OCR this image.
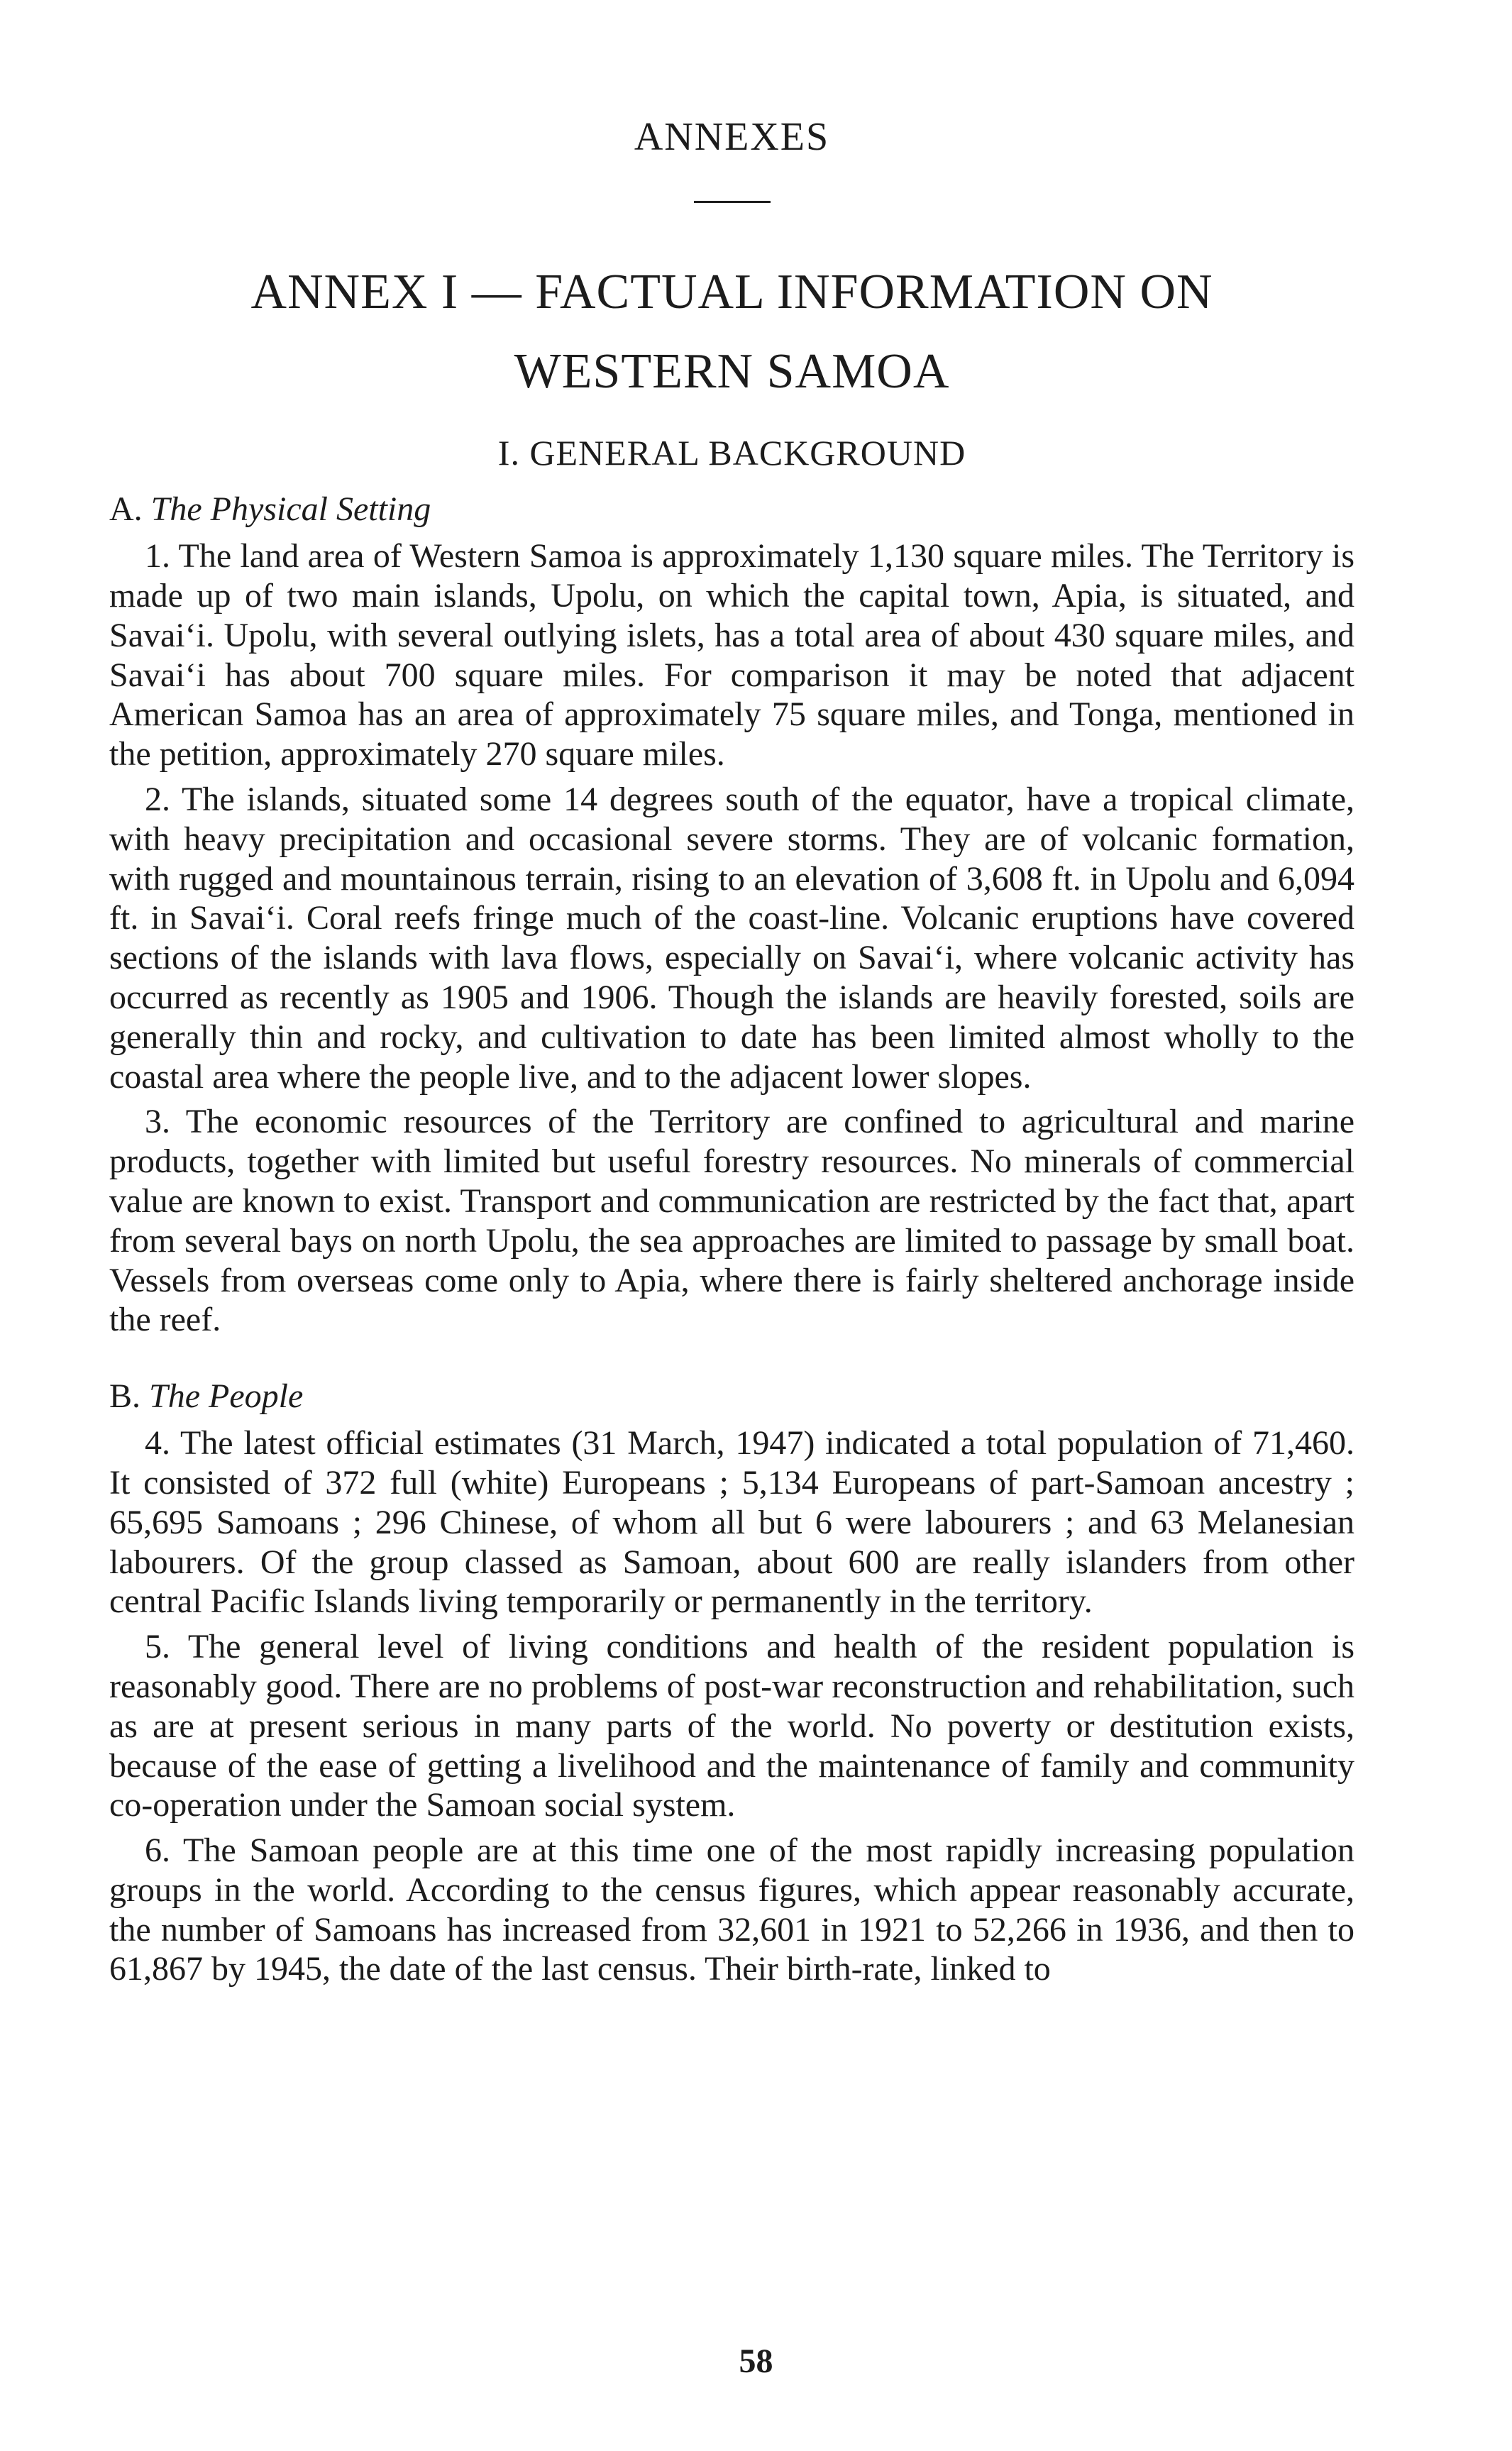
ANNEXES
ANNEX I — FACTUAL INFORMATION ON
WESTERN SAMOA
I. GENERAL BACKGROUND
A. The Physical Setting

1. The land area of Western Samoa is approximately 1,130 square miles. The Territory is made up of two main islands, Upolu, on which the capital town, Apia, is situated, and Savai‘i. Upolu, with several outlying islets, has a total area of about 430 square miles, and Savai‘i has about 700 square miles. For comparison it may be noted that adjacent American Samoa has an area of approximately 75 square miles, and Tonga, mentioned in the petition, approximately 270 square miles.

2. The islands, situated some 14 degrees south of the equator, have a tropical climate, with heavy precipitation and occasional severe storms. They are of volcanic formation, with rugged and mountainous terrain, rising to an elevation of 3,608 ft. in Upolu and 6,094 ft. in Savai‘i. Coral reefs fringe much of the coast-line. Volcanic eruptions have covered sections of the islands with lava flows, especially on Savai‘i, where volcanic activity has occurred as recently as 1905 and 1906. Though the islands are heavily forested, soils are generally thin and rocky, and cultivation to date has been limited almost wholly to the coastal area where the people live, and to the adjacent lower slopes.

3. The economic resources of the Territory are confined to agricultural and marine products, together with limited but useful forestry resources. No minerals of commercial value are known to exist. Transport and communication are restricted by the fact that, apart from several bays on north Upolu, the sea approaches are limited to passage by small boat. Vessels from overseas come only to Apia, where there is fairly sheltered anchorage inside the reef.

B. The People

4. The latest official estimates (31 March, 1947) indicated a total population of 71,460. It consisted of 372 full (white) Europeans ; 5,134 Europeans of part-Samoan ancestry ; 65,695 Samoans ; 296 Chinese, of whom all but 6 were labourers ; and 63 Melanesian labourers. Of the group classed as Samoan, about 600 are really islanders from other central Pacific Islands living temporarily or permanently in the territory.

5. The general level of living conditions and health of the resident population is reasonably good. There are no problems of post-war reconstruction and rehabilitation, such as are at present serious in many parts of the world. No poverty or destitution exists, because of the ease of getting a livelihood and the maintenance of family and community co-operation under the Samoan social system.

6. The Samoan people are at this time one of the most rapidly increasing population groups in the world. According to the census figures, which appear reasonably accurate, the number of Samoans has increased from 32,601 in 1921 to 52,266 in 1936, and then to 61,867 by 1945, the date of the last census. Their birth-rate, linked to

58
